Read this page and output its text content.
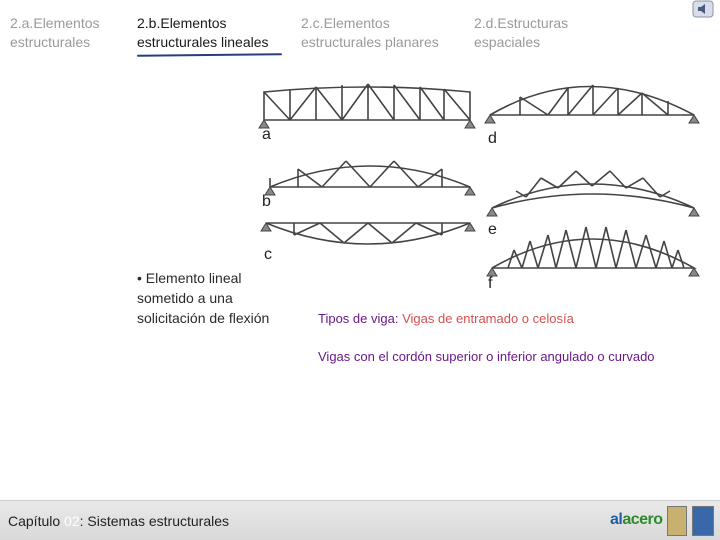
2.a.Elementos estructurales
2.b.Elementos estructurales lineales
2.c.Elementos estructurales planares
2.d.Estructuras espaciales
a
b
c
d
e
f
• Elemento lineal sometido a una solicitación de flexión	Tipos de viga: Vigas de entramado o celosía
Vigas con el cordón superior o inferior angulado o curvado
Capítulo 02: Sistemas estructurales	alacero
